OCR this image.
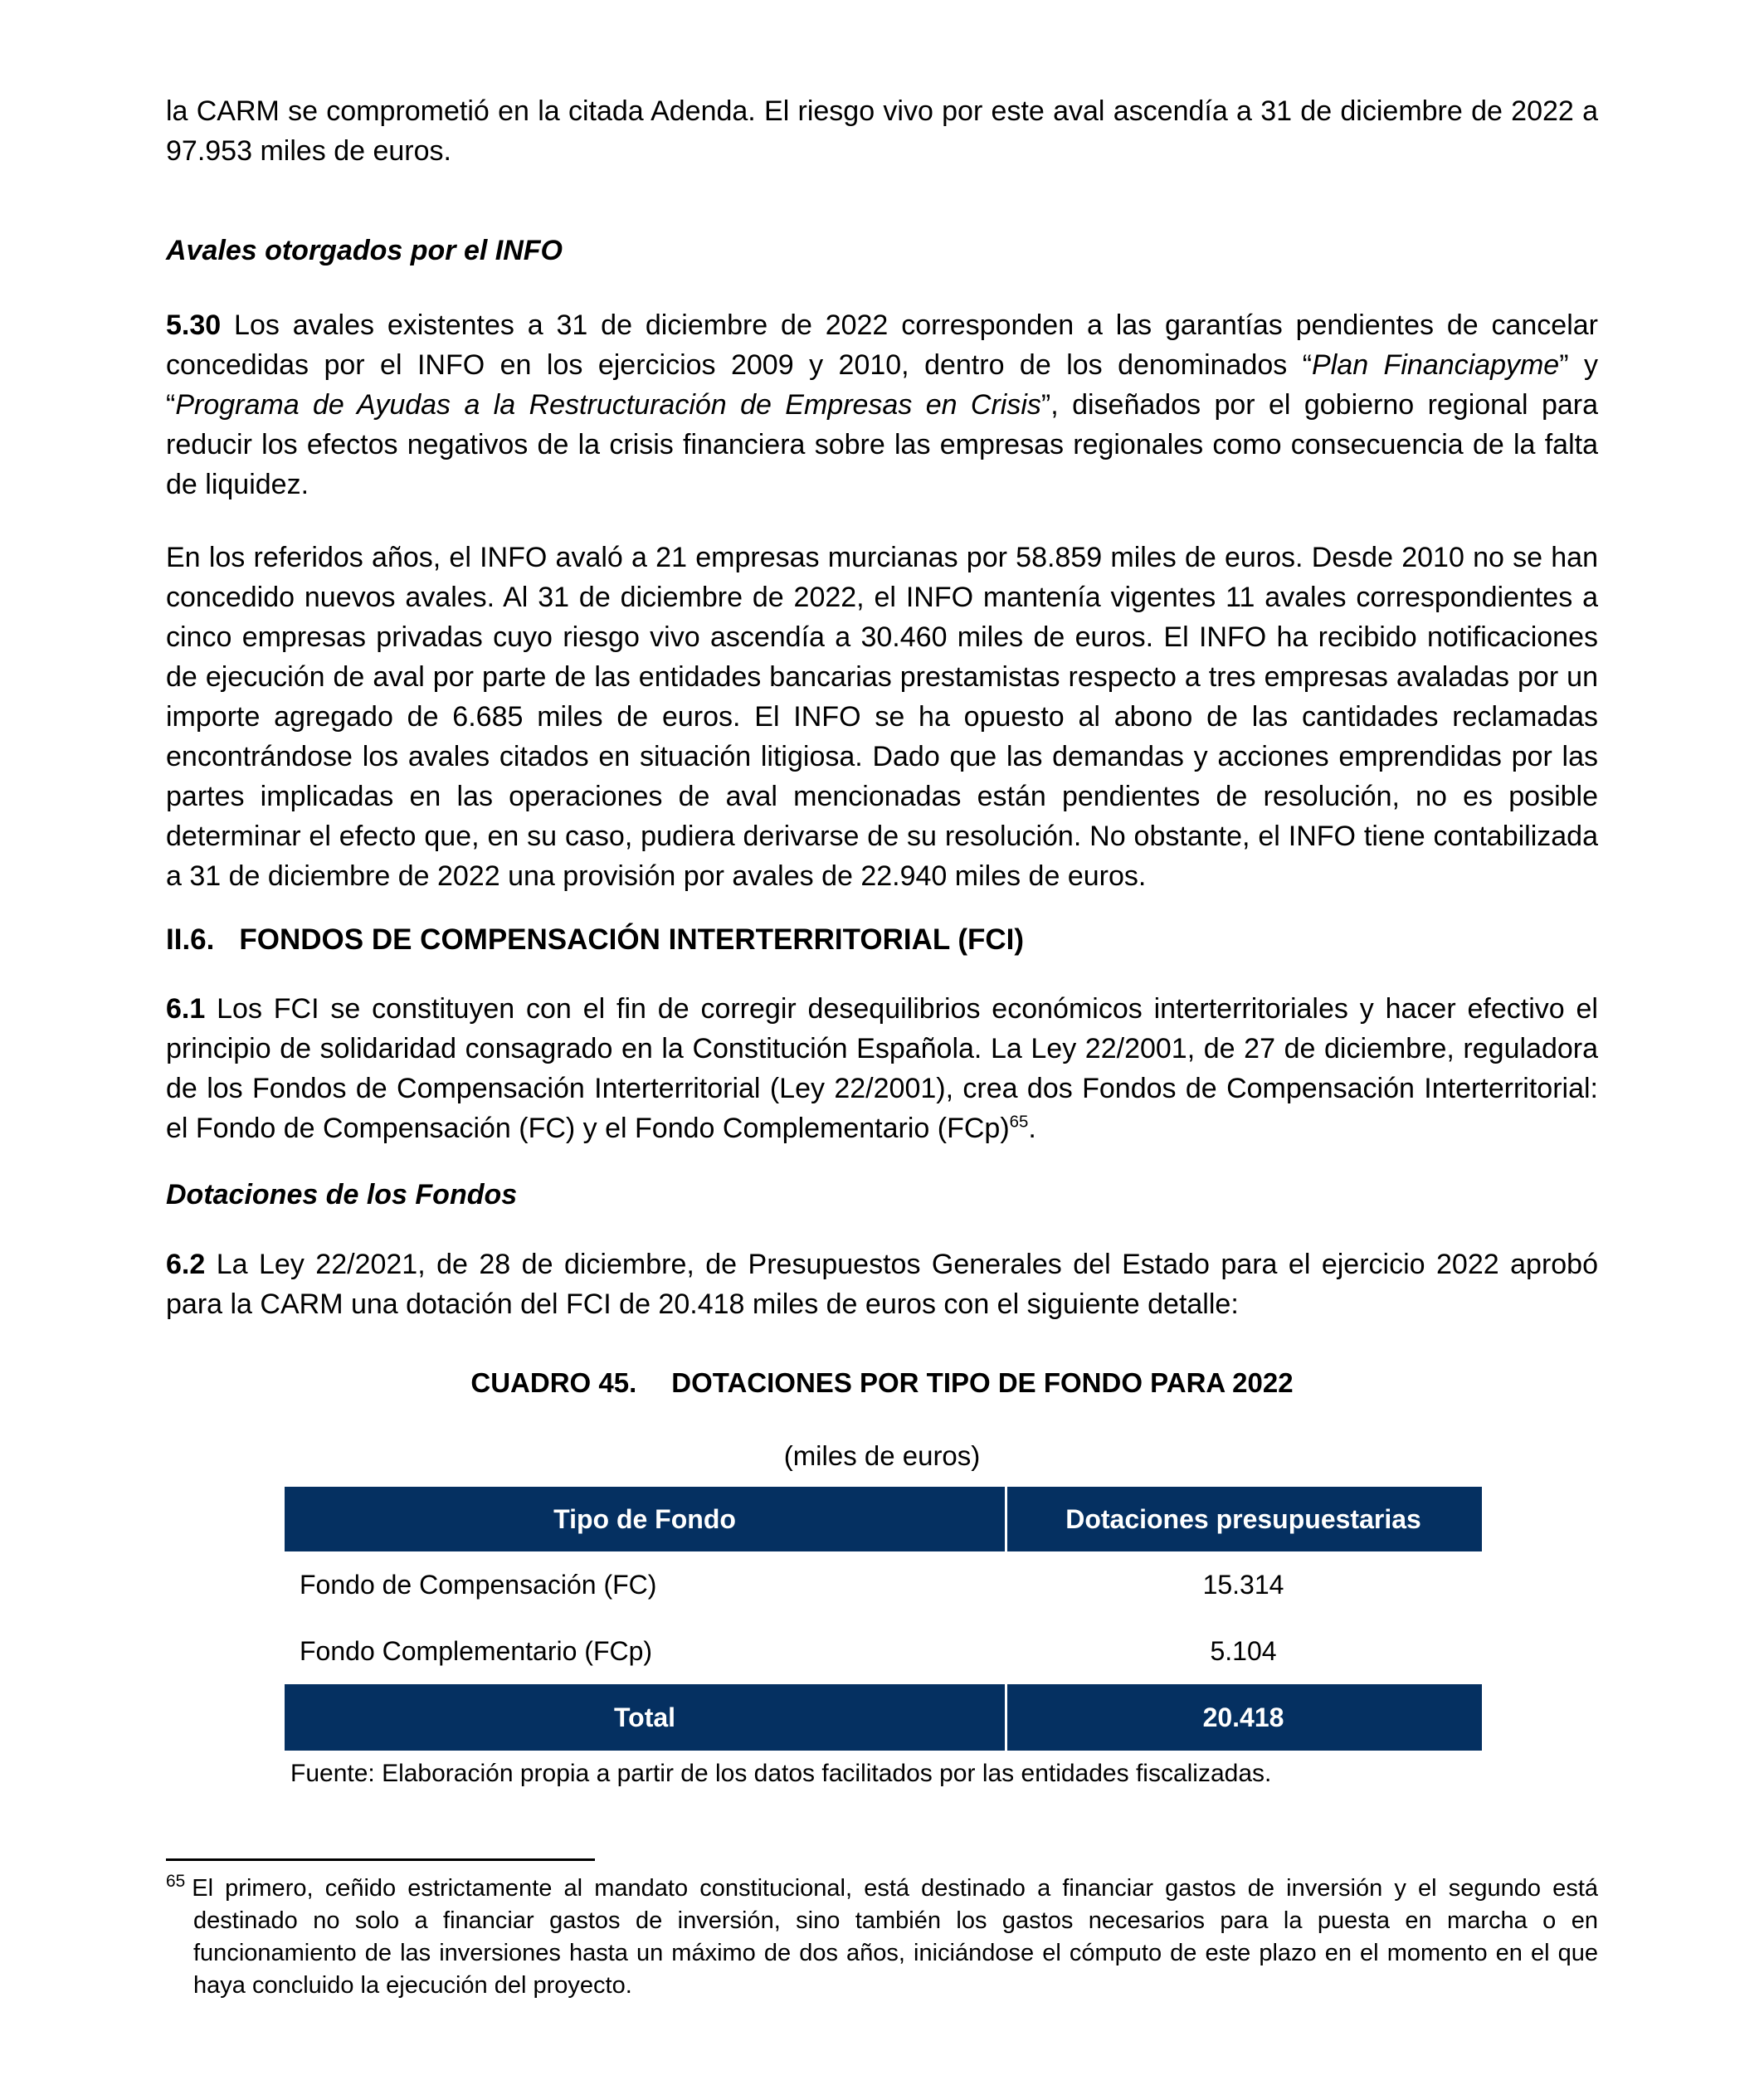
la CARM se comprometió en la citada Adenda. El riesgo vivo por este aval ascendía a 31 de diciembre de 2022 a 97.953 miles de euros.

Avales otorgados por el INFO

5.30 Los avales existentes a 31 de diciembre de 2022 corresponden a las garantías pendientes de cancelar concedidas por el INFO en los ejercicios 2009 y 2010, dentro de los denominados “Plan Financiapyme” y “Programa de Ayudas a la Restructuración de Empresas en Crisis”, diseñados por el gobierno regional para reducir los efectos negativos de la crisis financiera sobre las empresas regionales como consecuencia de la falta de liquidez.

En los referidos años, el INFO avaló a 21 empresas murcianas por 58.859 miles de euros. Desde 2010 no se han concedido nuevos avales. Al 31 de diciembre de 2022, el INFO mantenía vigentes 11 avales correspondientes a cinco empresas privadas cuyo riesgo vivo ascendía a 30.460 miles de euros. El INFO ha recibido notificaciones de ejecución de aval por parte de las entidades bancarias prestamistas respecto a tres empresas avaladas por un importe agregado de 6.685 miles de euros. El INFO se ha opuesto al abono de las cantidades reclamadas encontrándose los avales citados en situación litigiosa. Dado que las demandas y acciones emprendidas por las partes implicadas en las operaciones de aval mencionadas están pendientes de resolución, no es posible determinar el efecto que, en su caso, pudiera derivarse de su resolución. No obstante, el INFO tiene contabilizada a 31 de diciembre de 2022 una provisión por avales de 22.940 miles de euros.

II.6. FONDOS DE COMPENSACIÓN INTERTERRITORIAL (FCI)

6.1 Los FCI se constituyen con el fin de corregir desequilibrios económicos interterritoriales y hacer efectivo el principio de solidaridad consagrado en la Constitución Española. La Ley 22/2001, de 27 de diciembre, reguladora de los Fondos de Compensación Interterritorial (Ley 22/2001), crea dos Fondos de Compensación Interterritorial: el Fondo de Compensación (FC) y el Fondo Complementario (FCp)$^{65}$.

Dotaciones de los Fondos

6.2 La Ley 22/2021, de 28 de diciembre, de Presupuestos Generales del Estado para el ejercicio 2022 aprobó para la CARM una dotación del FCI de 20.418 miles de euros con el siguiente detalle:

CUADRO 45. DOTACIONES POR TIPO DE FONDO PARA 2022

(miles de euros)

Tipo de Fondo	Dotaciones presupuestarias
Fondo de Compensación (FC)	15.314
Fondo Complementario (FCp)	5.104
Total	20.418

Fuente: Elaboración propia a partir de los datos facilitados por las entidades fiscalizadas.

$^{65}$ El primero, ceñido estrictamente al mandato constitucional, está destinado a financiar gastos de inversión y el segundo está destinado no solo a financiar gastos de inversión, sino también los gastos necesarios para la puesta en marcha o en funcionamiento de las inversiones hasta un máximo de dos años, iniciándose el cómputo de este plazo en el momento en el que haya concluido la ejecución del proyecto.
